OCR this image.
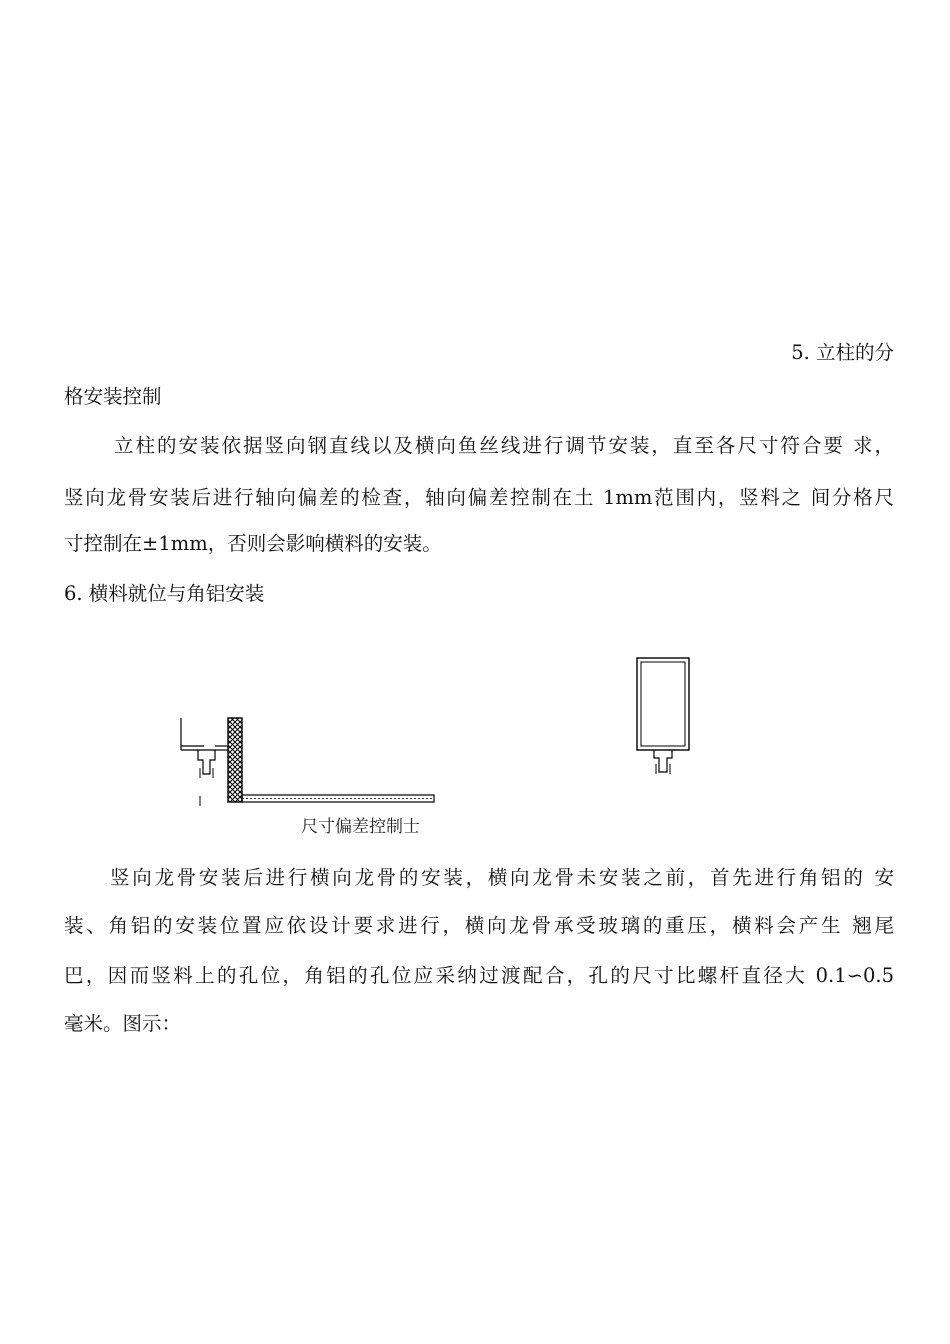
5. 立柱的分
格安装控制
立柱的安装依据竖向钢直线以及横向鱼丝线进行调节安装，直至各尺寸符合要 求，
竖向龙骨安装后进行轴向偏差的检查，轴向偏差控制在土 1mm范围内，竖料之 间分格尺
寸控制在±1mm，否则会影响横料的安装。
6. 横料就位与角铝安装
尺寸偏差控制士
竖向龙骨安装后进行横向龙骨的安装，横向龙骨未安装之前，首先进行角铝的 安
装、角铝的安装位置应依设计要求进行，横向龙骨承受玻璃的重压，横料会产生 翘尾
巴，因而竖料上的孔位，角铝的孔位应采纳过渡配合，孔的尺寸比螺杆直径大 0.1∽0.5
毫米。图示：
